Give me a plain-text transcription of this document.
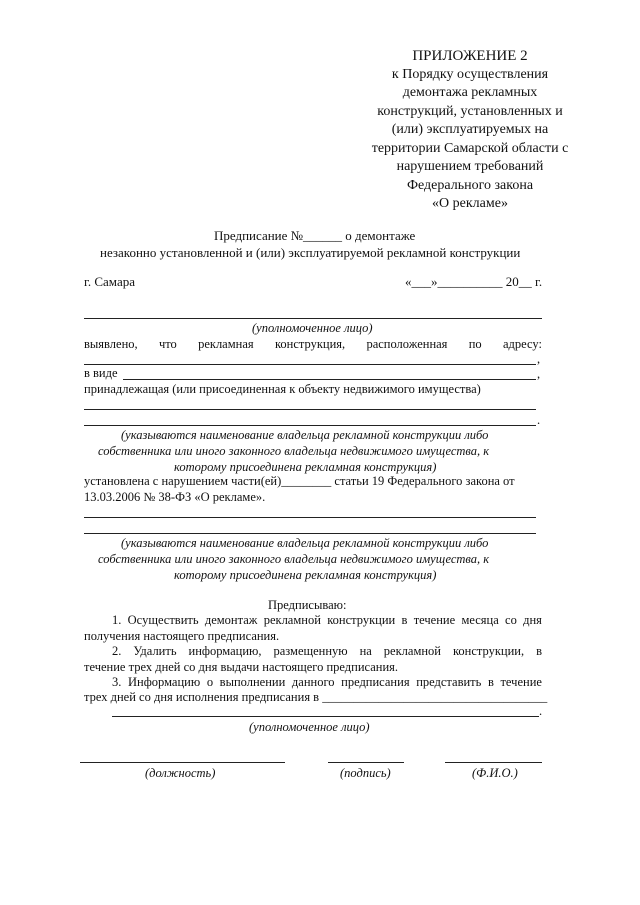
ПРИЛОЖЕНИЕ 2
к Порядку осуществления
демонтажа рекламных
конструкций, установленных и
(или) эксплуатируемых на
территории Самарской области с
нарушением требований
Федерального закона
«О рекламе»
Предписание №______ о демонтаже
незаконно установленной и (или) эксплуатируемой рекламной конструкции
г. Самара	«___»__________ 20__ г.
(уполномоченное лицо)
выявлено, что рекламная конструкция, расположенная по адресу:
,
в виде	,
принадлежащая (или присоединенная к объекту недвижимого имущества)
.
(указываются наименование владельца рекламной конструкции либо
собственника или иного законного владельца недвижимого имущества, к
которому присоединена рекламная конструкция)
установлена с нарушением части(ей)________ статьи 19 Федерального закона от
13.03.2006 № 38-ФЗ «О рекламе».
(указываются наименование владельца рекламной конструкции либо
собственника или иного законного владельца недвижимого имущества, к
которому присоединена рекламная конструкция)
Предписываю:
1. Осуществить демонтаж рекламной конструкции в течение месяца со дня
получения настоящего предписания.
2. Удалить информацию, размещенную на рекламной конструкции, в
течение трех дней со дня выдачи настоящего предписания.
3. Информацию о выполнении данного предписания представить в течение
трех дней со дня исполнения предписания в ____________________________________
.
(уполномоченное лицо)
(должность)	(подпись)	(Ф.И.О.)
